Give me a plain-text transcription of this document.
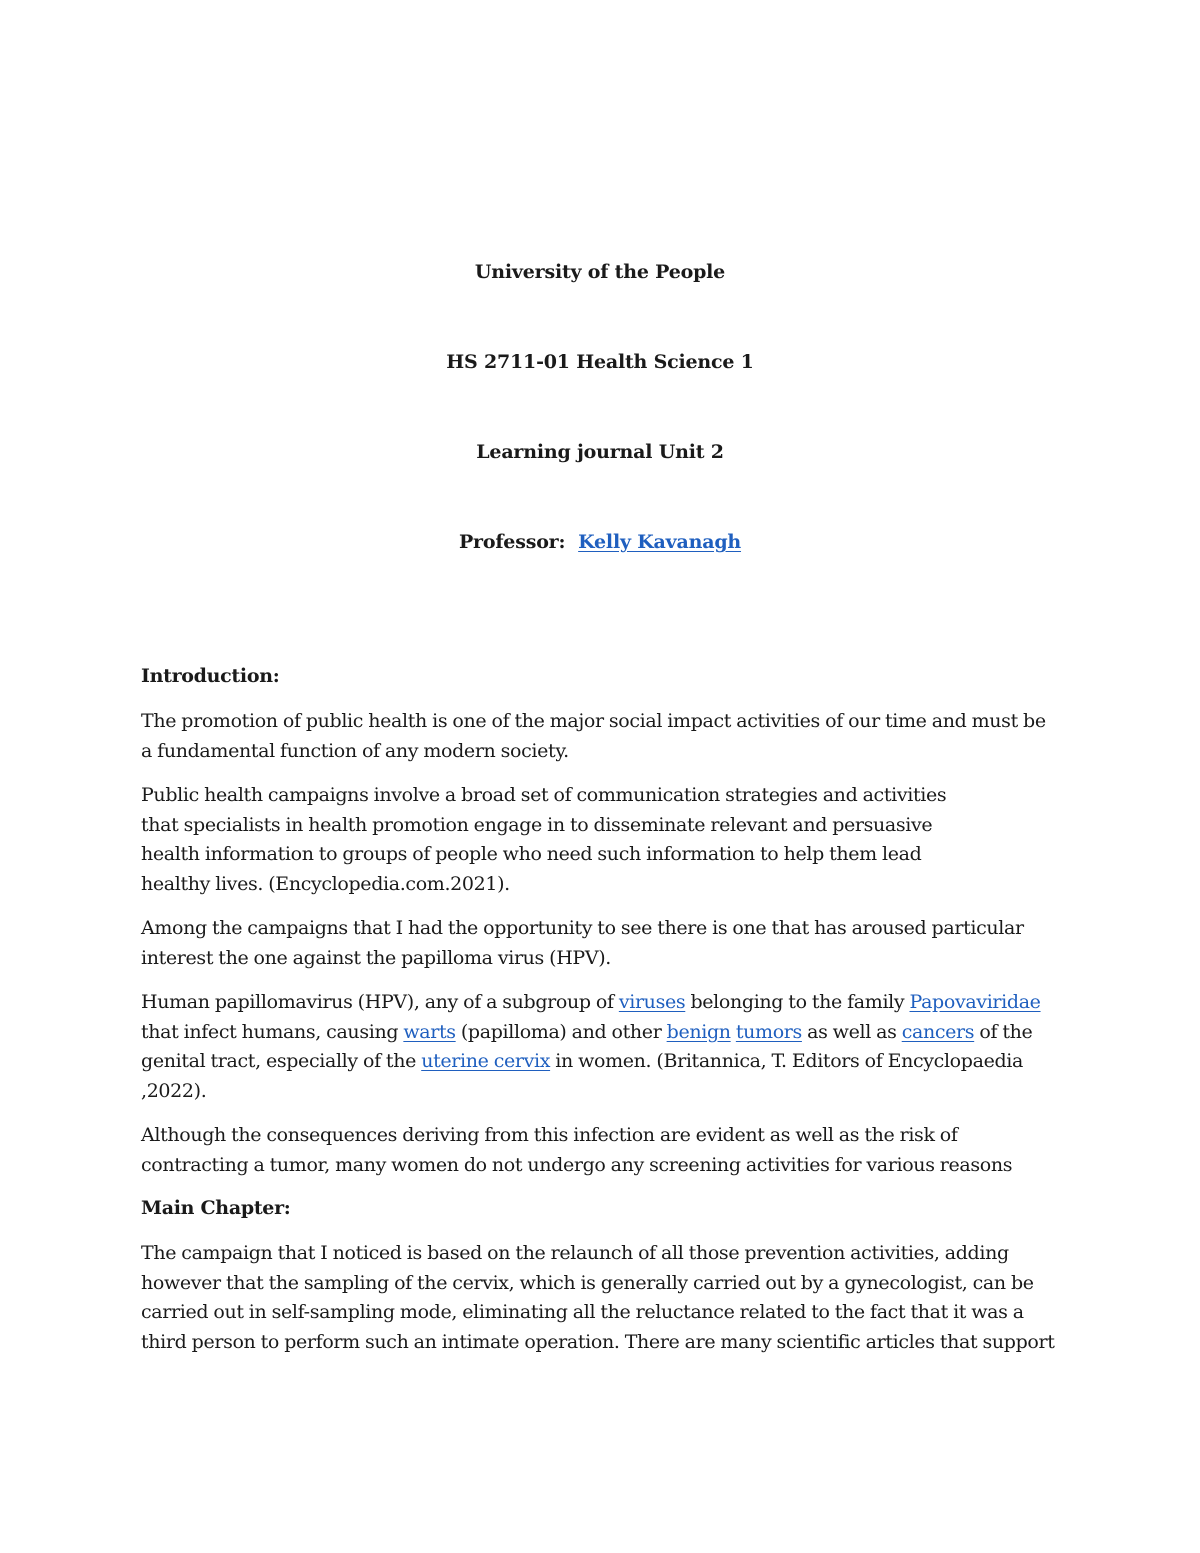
University of the People
HS 2711-01 Health Science 1
Learning journal Unit 2
Professor: Kelly Kavanagh
Introduction:

The promotion of public health is one of the major social impact activities of our time and must be a fundamental function of any modern society.

Public health campaigns involve a broad set of communication strategies and activities that specialists in health promotion engage in to disseminate relevant and persuasive health information to groups of people who need such information to help them lead healthy lives. (Encyclopedia.com.2021).

Among the campaigns that I had the opportunity to see there is one that has aroused particular interest the one against the papilloma virus (HPV).

Human papillomavirus (HPV), any of a subgroup of viruses belonging to the family Papovaviridae that infect humans, causing warts (papilloma) and other benign tumors as well as cancers of the genital tract, especially of the uterine cervix in women. (Britannica, T. Editors of Encyclopaedia ,2022).

Although the consequences deriving from this infection are evident as well as the risk of contracting a tumor, many women do not undergo any screening activities for various reasons

Main Chapter:

The campaign that I noticed is based on the relaunch of all those prevention activities, adding however that the sampling of the cervix, which is generally carried out by a gynecologist, can be carried out in self-sampling mode, eliminating all the reluctance related to the fact that it was a third person to perform such an intimate operation. There are many scientific articles that support
